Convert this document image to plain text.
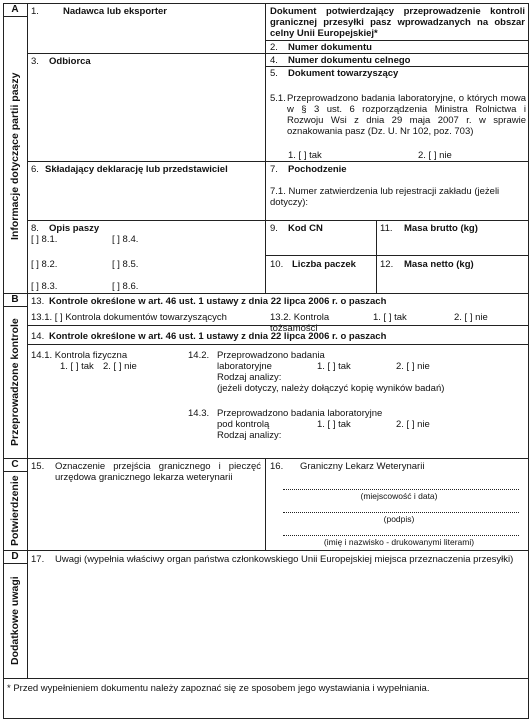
A
Informacje dotyczące partii paszy
1.	Nadawca lub eksporter	Dokument potwierdzający przeprowadzenie kontroli granicznej przesyłki pasz wprowadzanych na obszar celny Unii Europejskiej*
2. Numer dokumentu
3. Odbiorca	4. Numer dokumentu celnego
5. Dokument towarzyszący
5.1. Przeprowadzono badania laboratoryjne, o których mowa w § 3 ust. 6 rozporządzenia Ministra Rolnictwa i Rozwoju Wsi z dnia 29 maja 2007 r. w sprawie oznakowania pasz (Dz. U. Nr 102, poz. 703)
1. [ ] tak	2. [ ] nie
6. Składający deklarację lub przedstawiciel	7. Pochodzenie
7.1. Numer zatwierdzenia lub rejestracji zakładu (jeżeli dotyczy):
8. Opis paszy
[ ] 8.1.	[ ] 8.4.
[ ] 8.2.	[ ] 8.5.
[ ] 8.3.	[ ] 8.6.
9. Kod CN	11. Masa brutto (kg)
10. Liczba paczek	12. Masa netto (kg)
B
Przeprowadzone kontrole
13. Kontrole określone w art. 46 ust. 1 ustawy z dnia 22 lipca 2006 r. o paszach
13.1. [ ] Kontrola dokumentów towarzyszących	13.2. Kontrola tożsamości
1. [ ] tak	2. [ ] nie
14. Kontrole określone w art. 46 ust. 1 ustawy z dnia 22 lipca 2006 r. o paszach
14.1. Kontrola fizyczna
1. [ ] tak 2. [ ] nie
14.2. Przeprowadzono badania
laboratoryjne	1. [ ] tak	2. [ ] nie
Rodzaj analizy:
(jeżeli dotyczy, należy dołączyć kopię wyników badań)
14.3. Przeprowadzono badania laboratoryjne
pod kontrolą	1. [ ] tak	2. [ ] nie
Rodzaj analizy:
C
Potwierdzenie
15.	Oznaczenie przejścia granicznego i pieczęć urzędowa granicznego lekarza weterynarii
16. Graniczny Lekarz Weterynarii
(miejscowość i data)
(podpis)
(imię i nazwisko - drukowanymi literami)
D
Dodatkowe uwagi
17.	Uwagi (wypełnia właściwy organ państwa członkowskiego Unii Europejskiej miejsca przeznaczenia przesyłki)
* Przed wypełnieniem dokumentu należy zapoznać się ze sposobem jego wystawiania i wypełniania.
